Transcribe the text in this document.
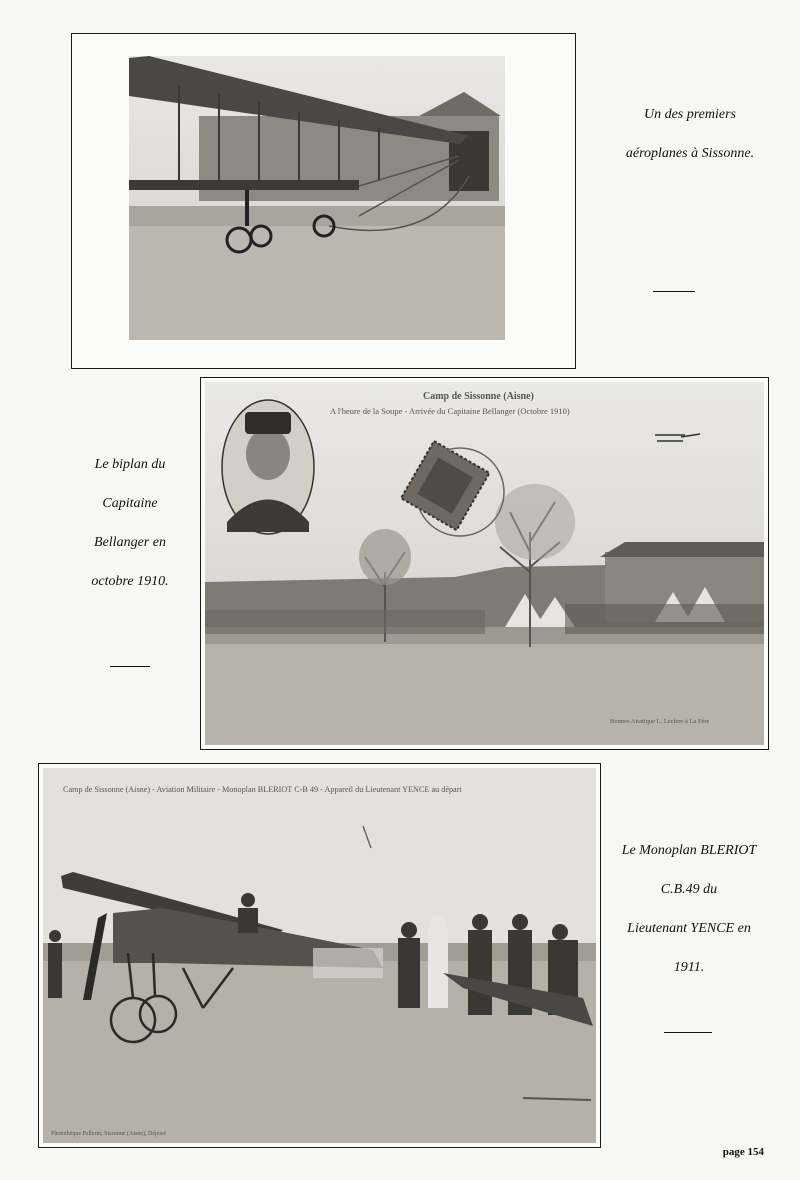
Un des premiers
aéroplanes à Sissonne.
Camp de Sissonne (Aisne)
A l'heure de la Soupe - Arrivée du Capitaine Bellanger (Octobre 1910)
Bonnes Attatique L. Leclère à La Fère
Le biplan du
Capitaine
Bellanger en
octobre 1910.
Camp de Sissonne (Aisne) - Aviation Militaire - Monoplan BLERIOT C-B 49 - Appareil du Lieutenant YENCE au départ
Photothèque Pellerin, Sissonne (Aisne), Déposé
Le Monoplan BLERIOT
C.B.49 du
Lieutenant YENCE en
1911.
page 154
